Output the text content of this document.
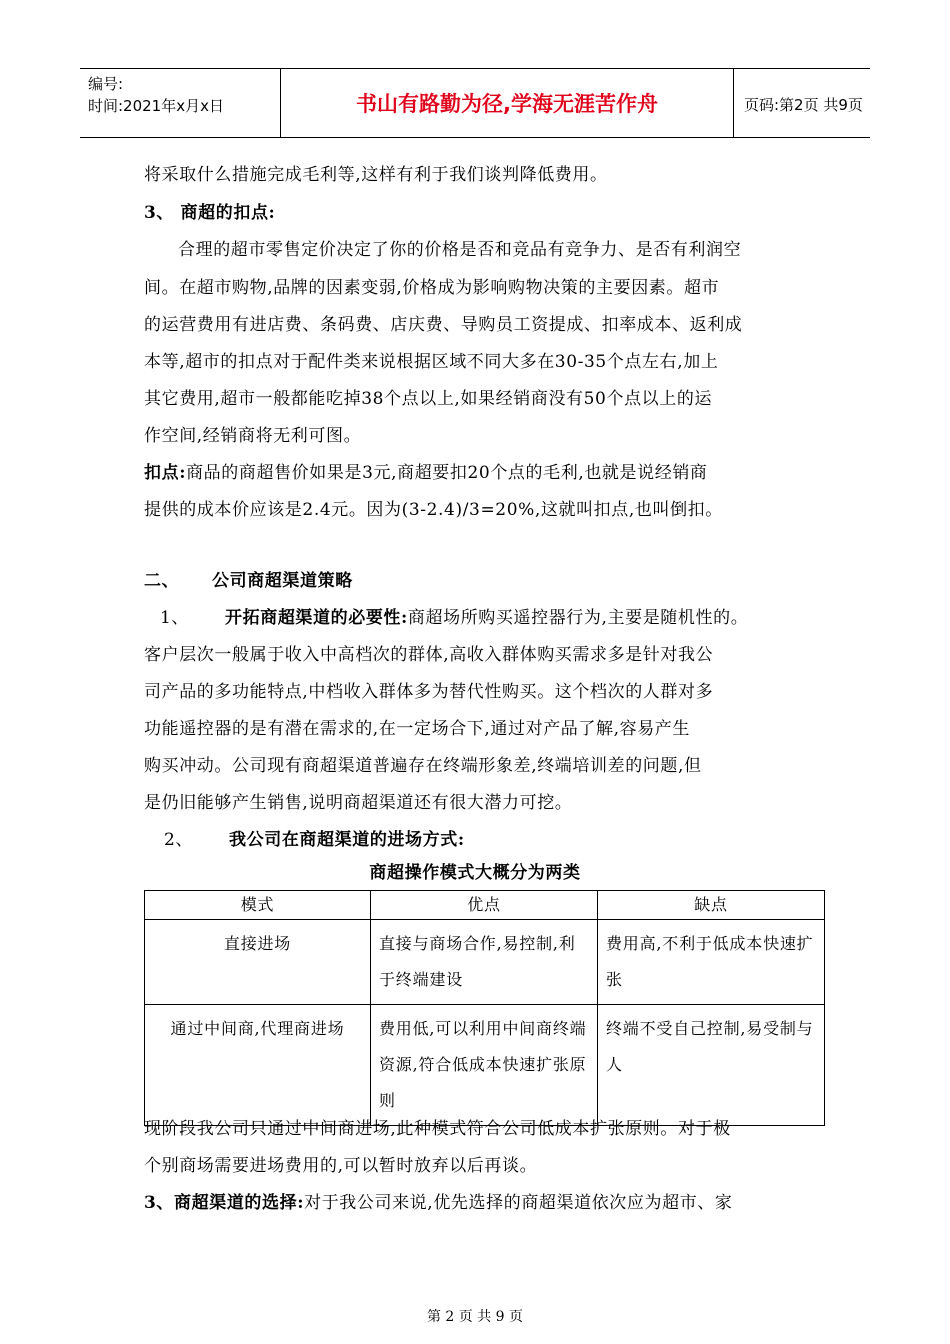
编号:
时间:2021年x月x日	书山有路勤为径,学海无涯苦作舟	页码:第2页 共9页
将采取什么措施完成毛利等,这样有利于我们谈判降低费用。
3、 商超的扣点:
合理的超市零售定价决定了你的价格是否和竞品有竞争力、是否有利润空
间。在超市购物,品牌的因素变弱,价格成为影响购物决策的主要因素。超市
的运营费用有进店费、条码费、店庆费、导购员工资提成、扣率成本、返利成
本等,超市的扣点对于配件类来说根据区域不同大多在30-35个点左右,加上
其它费用,超市一般都能吃掉38个点以上,如果经销商没有50个点以上的运
作空间,经销商将无利可图。
扣点:商品的商超售价如果是3元,商超要扣20个点的毛利,也就是说经销商
提供的成本价应该是2.4元。因为(3-2.4)/3=20%,这就叫扣点,也叫倒扣。
二、 公司商超渠道策略
1、 开拓商超渠道的必要性:商超场所购买遥控器行为,主要是随机性的。
客户层次一般属于收入中高档次的群体,高收入群体购买需求多是针对我公
司产品的多功能特点,中档收入群体多为替代性购买。这个档次的人群对多
功能遥控器的是有潜在需求的,在一定场合下,通过对产品了解,容易产生
购买冲动。公司现有商超渠道普遍存在终端形象差,终端培训差的问题,但
是仍旧能够产生销售,说明商超渠道还有很大潜力可挖。
2、 我公司在商超渠道的进场方式:
商超操作模式大概分为两类
模式	优点	缺点
直接进场	直接与商场合作,易控制,利于终端建设	费用高,不利于低成本快速扩张
通过中间商,代理商进场	费用低,可以利用中间商终端资源,符合低成本快速扩张原则	终端不受自己控制,易受制与人
现阶段我公司只通过中间商进场,此种模式符合公司低成本扩张原则。对于极
个别商场需要进场费用的,可以暂时放弃以后再谈。
3、商超渠道的选择:对于我公司来说,优先选择的商超渠道依次应为超市、家
第 2 页 共 9 页
